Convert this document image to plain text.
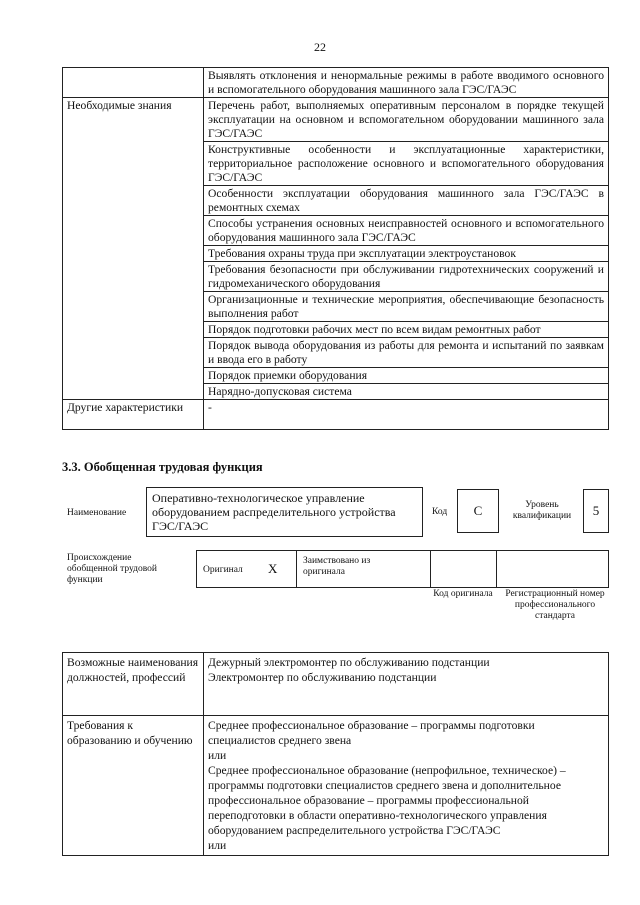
22
	Выявлять отклонения и ненормальные режимы в работе вводимого основного и вспомогательного оборудования машинного зала ГЭС/ГАЭС
Необходимые знания	Перечень работ, выполняемых оперативным персоналом в порядке текущей эксплуатации на основном и вспомогательном оборудовании машинного зала ГЭС/ГАЭС
	Конструктивные особенности и эксплуатационные характеристики, территориальное расположение основного и вспомогательного оборудования ГЭС/ГАЭС
	Особенности эксплуатации оборудования машинного зала ГЭС/ГАЭС в ремонтных схемах
	Способы устранения основных неисправностей основного и вспомогательного оборудования машинного зала ГЭС/ГАЭС
	Требования охраны труда при эксплуатации электроустановок
	Требования безопасности при обслуживании гидротехнических сооружений и гидромеханического оборудования
	Организационные и технические мероприятия, обеспечивающие безопасность выполнения работ
	Порядок подготовки рабочих мест по всем видам ремонтных работ
	Порядок вывода оборудования из работы для ремонта и испытаний по заявкам и ввода его в работу
	Порядок приемки оборудования
	Нарядно-допусковая система
Другие характеристики	-
3.3. Обобщенная трудовая функция
Наименование
Оперативно-технологическое управление оборудованием распределительного устройства ГЭС/ГАЭС
Код C	Уровень квалификации	5
Происхождение обобщенной трудовой функции
Оригинал X	Заимствовано из оригинала
Код оригинала	Регистрационный номер профессионального стандарта
Возможные наименования должностей, профессий	Дежурный электромонтер по обслуживанию подстанции
Электромонтер по обслуживанию подстанции

Требования к образованию и обучению	Среднее профессиональное образование – программы подготовки специалистов среднего звена
или
Среднее профессиональное образование (непрофильное, техническое) – программы подготовки специалистов среднего звена и дополнительное профессиональное образование – программы профессиональной переподготовки в области оперативно-технологического управления оборудованием распределительного устройства ГЭС/ГАЭС
или
